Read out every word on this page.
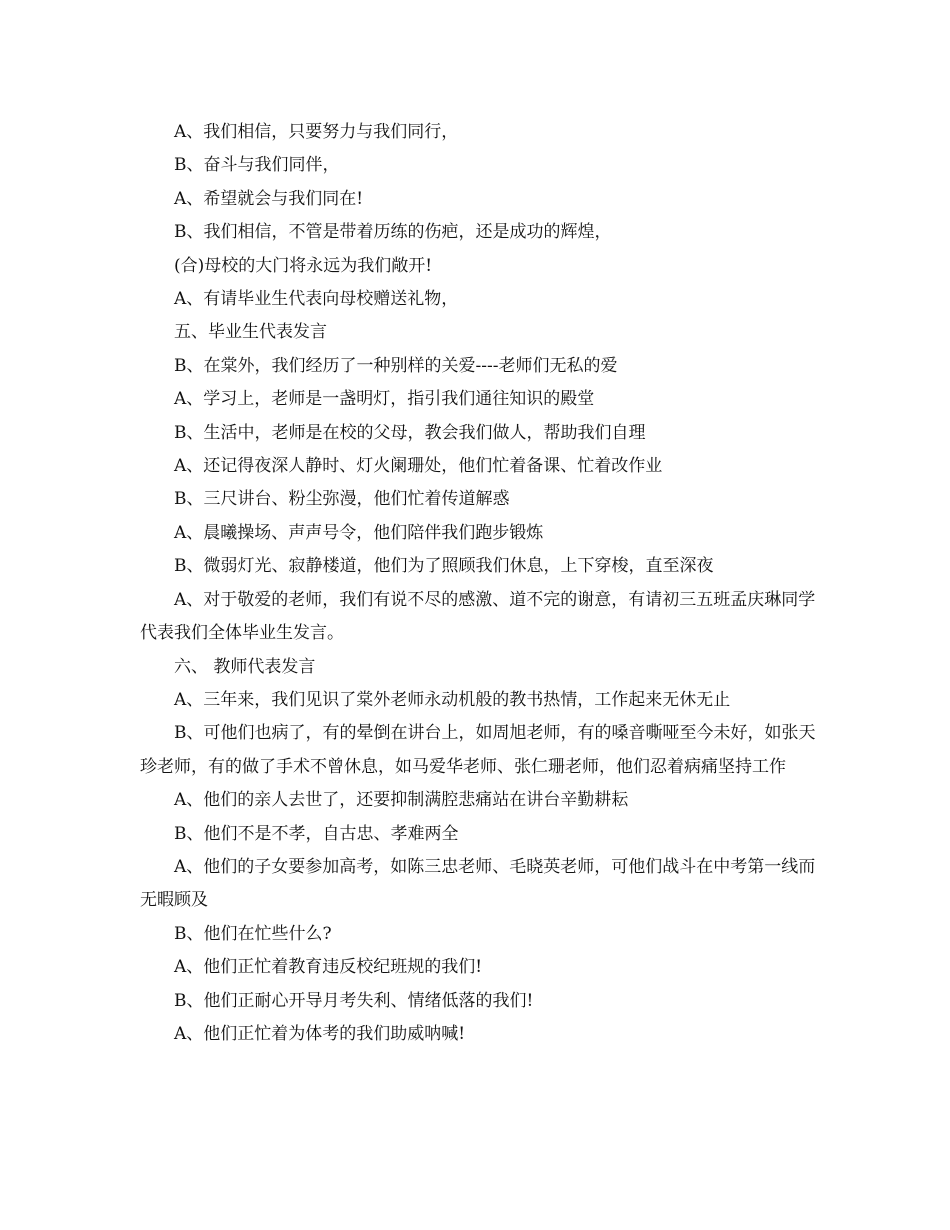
A、我们相信，只要努力与我们同行，

B、奋斗与我们同伴，

A、希望就会与我们同在!

B、我们相信，不管是带着历练的伤疤，还是成功的辉煌，

(合)母校的大门将永远为我们敞开!

A、有请毕业生代表向母校赠送礼物，

五、毕业生代表发言

B、在棠外，我们经历了一种别样的关爱----老师们无私的爱

A、学习上，老师是一盏明灯，指引我们通往知识的殿堂

B、生活中，老师是在校的父母，教会我们做人，帮助我们自理

A、还记得夜深人静时、灯火阑珊处，他们忙着备课、忙着改作业

B、三尺讲台、粉尘弥漫，他们忙着传道解惑

A、晨曦操场、声声号令，他们陪伴我们跑步锻炼

B、微弱灯光、寂静楼道，他们为了照顾我们休息，上下穿梭，直至深夜

A、对于敬爱的老师，我们有说不尽的感激、道不完的谢意，有请初三五班孟庆琳同学代表我们全体毕业生发言。

六、 教师代表发言

A、三年来，我们见识了棠外老师永动机般的教书热情，工作起来无休无止

B、可他们也病了，有的晕倒在讲台上，如周旭老师，有的嗓音嘶哑至今未好，如张天珍老师，有的做了手术不曾休息，如马爱华老师、张仁珊老师，他们忍着病痛坚持工作

A、他们的亲人去世了，还要抑制满腔悲痛站在讲台辛勤耕耘

B、他们不是不孝，自古忠、孝难两全

A、他们的子女要参加高考，如陈三忠老师、毛晓英老师，可他们战斗在中考第一线而无暇顾及

B、他们在忙些什么?

A、他们正忙着教育违反校纪班规的我们!

B、他们正耐心开导月考失利、情绪低落的我们!

A、他们正忙着为体考的我们助威呐喊!
